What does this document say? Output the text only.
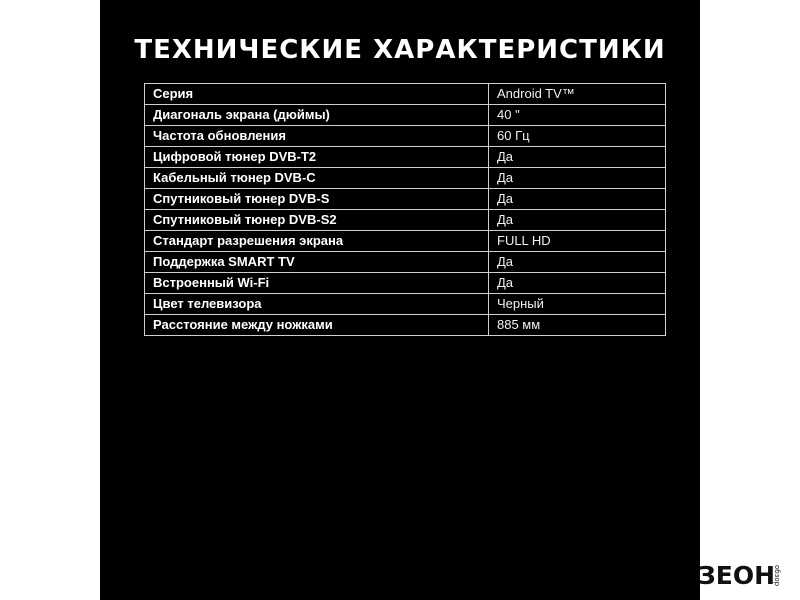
ТЕХНИЧЕСКИЕ ХАРАКТЕРИСТИКИ
Серия	Android TV™
Диагональ экрана (дюймы)	40 "
Частота обновления	60 Гц
Цифровой тюнер DVB-T2	Да
Кабельный тюнер DVB-C	Да
Спутниковый тюнер DVB-S	Да
Спутниковый тюнер DVB-S2	Да
Стандарт разрешения экрана	FULL HD
Поддержка SMART TV	Да
Встроенный Wi-Fi	Да
Цвет телевизора	Черный
Расстояние между ножками	885 мм
ЗЕОН
обзор
